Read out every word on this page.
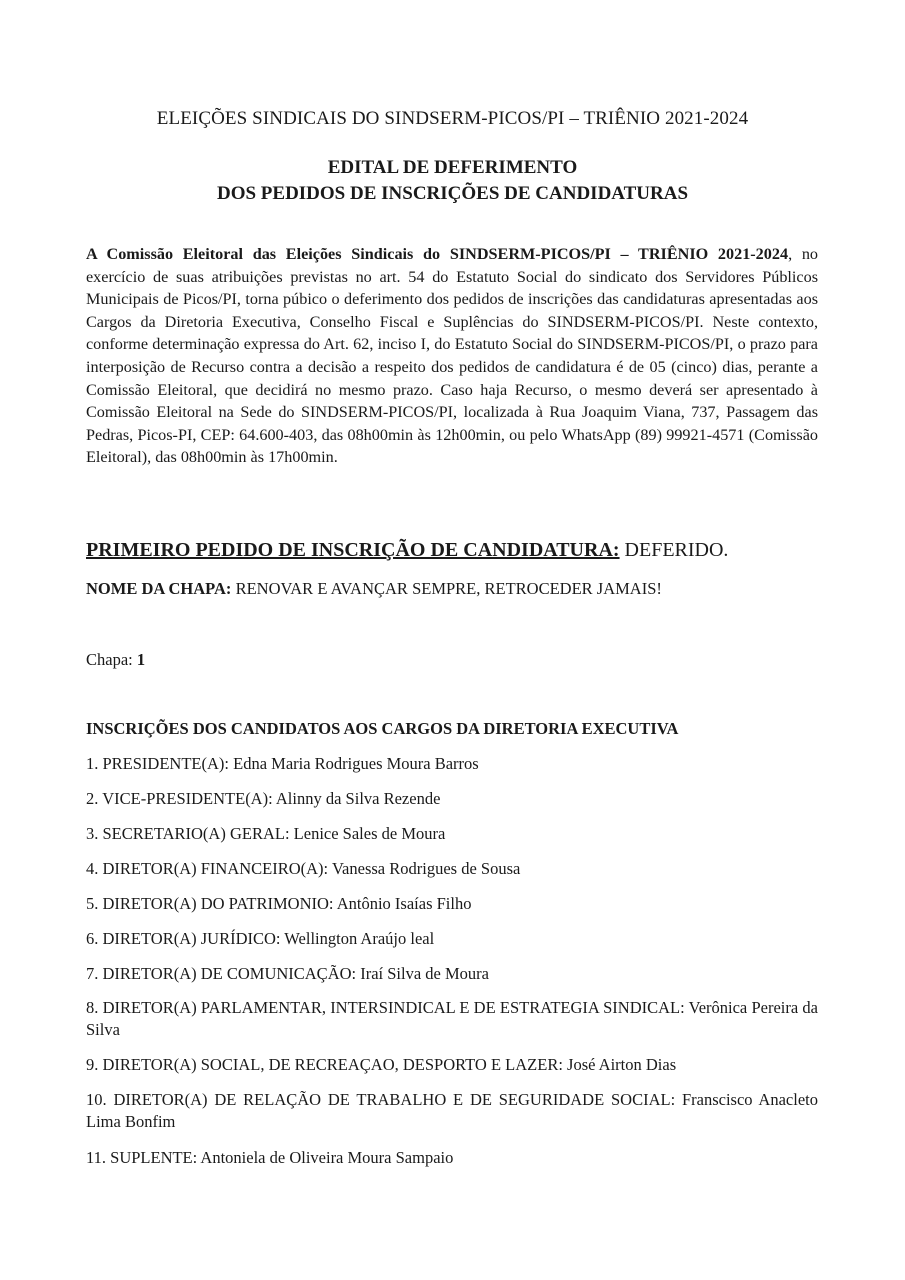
ELEIÇÕES SINDICAIS DO SINDSERM-PICOS/PI – TRIÊNIO 2021-2024
EDITAL DE DEFERIMENTO
DOS PEDIDOS DE INSCRIÇÕES DE CANDIDATURAS

A Comissão Eleitoral das Eleições Sindicais do SINDSERM-PICOS/PI – TRIÊNIO 2021-2024, no exercício de suas atribuições previstas no art. 54 do Estatuto Social do sindicato dos Servidores Públicos Municipais de Picos/PI, torna púbico o deferimento dos pedidos de inscrições das candidaturas apresentadas aos Cargos da Diretoria Executiva, Conselho Fiscal e Suplências do SINDSERM-PICOS/PI. Neste contexto, conforme determinação expressa do Art. 62, inciso I, do Estatuto Social do SINDSERM-PICOS/PI, o prazo para interposição de Recurso contra a decisão a respeito dos pedidos de candidatura é de 05 (cinco) dias, perante a Comissão Eleitoral, que decidirá no mesmo prazo. Caso haja Recurso, o mesmo deverá ser apresentado à Comissão Eleitoral na Sede do SINDSERM-PICOS/PI, localizada à Rua Joaquim Viana, 737, Passagem das Pedras, Picos-PI, CEP: 64.600-403, das 08h00min às 12h00min, ou pelo WhatsApp (89) 99921-4571 (Comissão Eleitoral), das 08h00min às 17h00min.

PRIMEIRO PEDIDO DE INSCRIÇÃO DE CANDIDATURA: DEFERIDO.
NOME DA CHAPA: RENOVAR E AVANÇAR SEMPRE, RETROCEDER JAMAIS!
Chapa: 1
INSCRIÇÕES DOS CANDIDATOS AOS CARGOS DA DIRETORIA EXECUTIVA

1. PRESIDENTE(A): Edna Maria Rodrigues Moura Barros

2. VICE-PRESIDENTE(A): Alinny da Silva Rezende

3. SECRETARIO(A) GERAL: Lenice Sales de Moura

4. DIRETOR(A) FINANCEIRO(A): Vanessa Rodrigues de Sousa

5. DIRETOR(A) DO PATRIMONIO: Antônio Isaías Filho

6. DIRETOR(A) JURÍDICO: Wellington Araújo leal

7. DIRETOR(A) DE COMUNICAÇÃO: Iraí Silva de Moura

8. DIRETOR(A) PARLAMENTAR, INTERSINDICAL E DE ESTRATEGIA SINDICAL: Verônica Pereira da Silva

9. DIRETOR(A) SOCIAL, DE RECREAÇAO, DESPORTO E LAZER: José Airton Dias

10. DIRETOR(A) DE RELAÇÃO DE TRABALHO E DE SEGURIDADE SOCIAL: Franscisco Anacleto Lima Bonfim

11. SUPLENTE: Antoniela de Oliveira Moura Sampaio
